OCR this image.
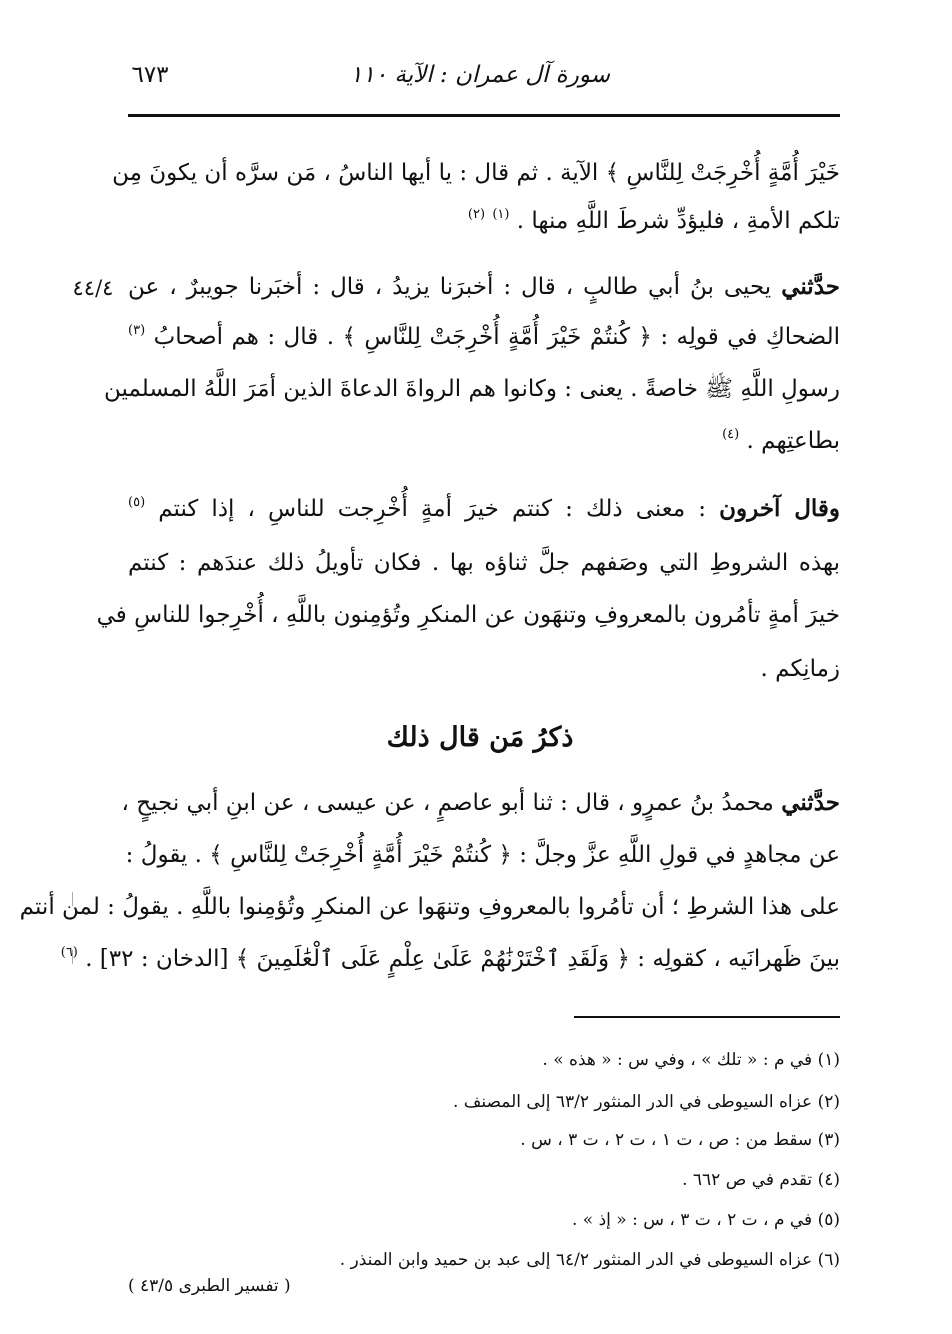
سورة آل عمران : الآية ١١٠
٦٧٣
خَيْرَ أُمَّةٍ أُخْرِجَتْ لِلنَّاسِ ﴾ الآية . ثم قال : يا أيها الناسُ ، مَن سرَّه أن يكونَ مِن
تلكم الأمةِ ، فليؤدِّ شرطَ اللَّهِ منها . $^{(١)}$ $^{(٢)}$
٤٤/٤	حدَّثني يحيى بنُ أبي طالبٍ ، قال : أخبرَنا يزيدُ ، قال : أخبَرنا جويبرٌ ، عن
الضحاكِ في قولِه : ﴿ كُنتُمْ خَيْرَ أُمَّةٍ أُخْرِجَتْ لِلنَّاسِ ﴾ . قال : هم أصحابُ $^{(٣)}$
رسولِ اللَّهِ ﷺ خاصةً . يعنى : وكانوا هم الرواةَ الدعاةَ الذين أمَرَ اللَّهُ المسلمين
بطاعتِهم . $^{(٤)}$
وقال آخرون : معنى ذلك : كنتم خيرَ أمةٍ أُخْرِجت للناسِ ، إذا كنتم $^{(٥)}$
بهذه الشروطِ التي وصَفهم جلَّ ثناؤه بها . فكان تأويلُ ذلك عندَهم : كنتم
خيرَ أمةٍ تأمُرون بالمعروفِ وتنهَون عن المنكرِ وتُؤمِنون باللَّهِ ، أُخْرِجوا للناسِ في
زمانِكم .
ذكرُ مَن قال ذلك
حدَّثني محمدُ بنُ عمرٍو ، قال : ثنا أبو عاصمٍ ، عن عيسى ، عن ابنِ أبي نجيحٍ ،
عن مجاهدٍ في قولِ اللَّهِ عزَّ وجلَّ : ﴿ كُنتُمْ خَيْرَ أُمَّةٍ أُخْرِجَتْ لِلنَّاسِ ﴾ . يقولُ :
على هذا الشرطِ ؛ أن تأمُروا بالمعروفِ وتنهَوا عن المنكرِ وتُؤمِنوا باللَّهِ . يقولُ : لمن أنتم
بينَ ظَهرانَيه ، كقولِه : ﴿ وَلَقَدِ ٱخْتَرْنَٰهُمْ عَلَىٰ عِلْمٍ عَلَى ٱلْعَٰلَمِينَ ﴾ [الدخان : ٣٢] . $^{(٦)}$
(١) في م : « تلك » ، وفي س : « هذه » .
(٢) عزاه السيوطى في الدر المنثور ٦٣/٢ إلى المصنف .
(٣) سقط من : ص ، ت ١ ، ت ٢ ، ت ٣ ، س .
(٤) تقدم في ص ٦٦٢ .
(٥) في م ، ت ٢ ، ت ٣ ، س : « إذ » .
(٦) عزاه السيوطى في الدر المنثور ٦٤/٢ إلى عبد بن حميد وابن المنذر .
( تفسير الطبرى ٤٣/٥ )
